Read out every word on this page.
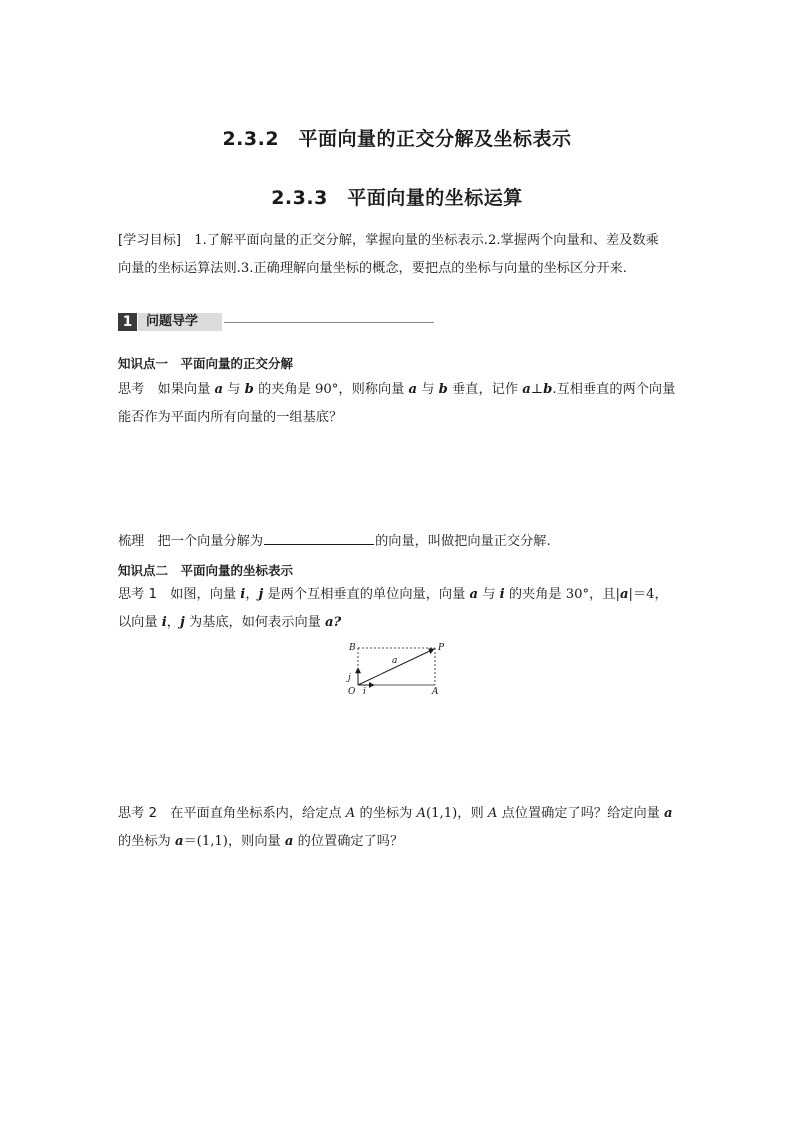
2.3.2　平面向量的正交分解及坐标表示
2.3.3　平面向量的坐标运算
[学习目标]　1.了解平面向量的正交分解，掌握向量的坐标表示.2.掌握两个向量和、差及数乘
向量的坐标运算法则.3.正确理解向量坐标的概念，要把点的坐标与向量的坐标区分开来.
1	问题导学
知识点一　平面向量的正交分解
思考　如果向量 a 与 b 的夹角是 90°，则称向量 a 与 b 垂直，记作 a⊥b.互相垂直的两个向量
能否作为平面内所有向量的一组基底？
梳理　把一个向量分解为	的向量，叫做把向量正交分解.
知识点二　平面向量的坐标表示
思考 1　如图，向量 i，j 是两个互相垂直的单位向量，向量 a 与 i 的夹角是 30°，且|a|＝4，
以向量 i，j 为基底，如何表示向量 a?
B	P
a
j
O i	A
思考 2　在平面直角坐标系内，给定点 A 的坐标为 A(1,1)，则 A 点位置确定了吗？给定向量 a
的坐标为 a＝(1,1)，则向量 a 的位置确定了吗？
